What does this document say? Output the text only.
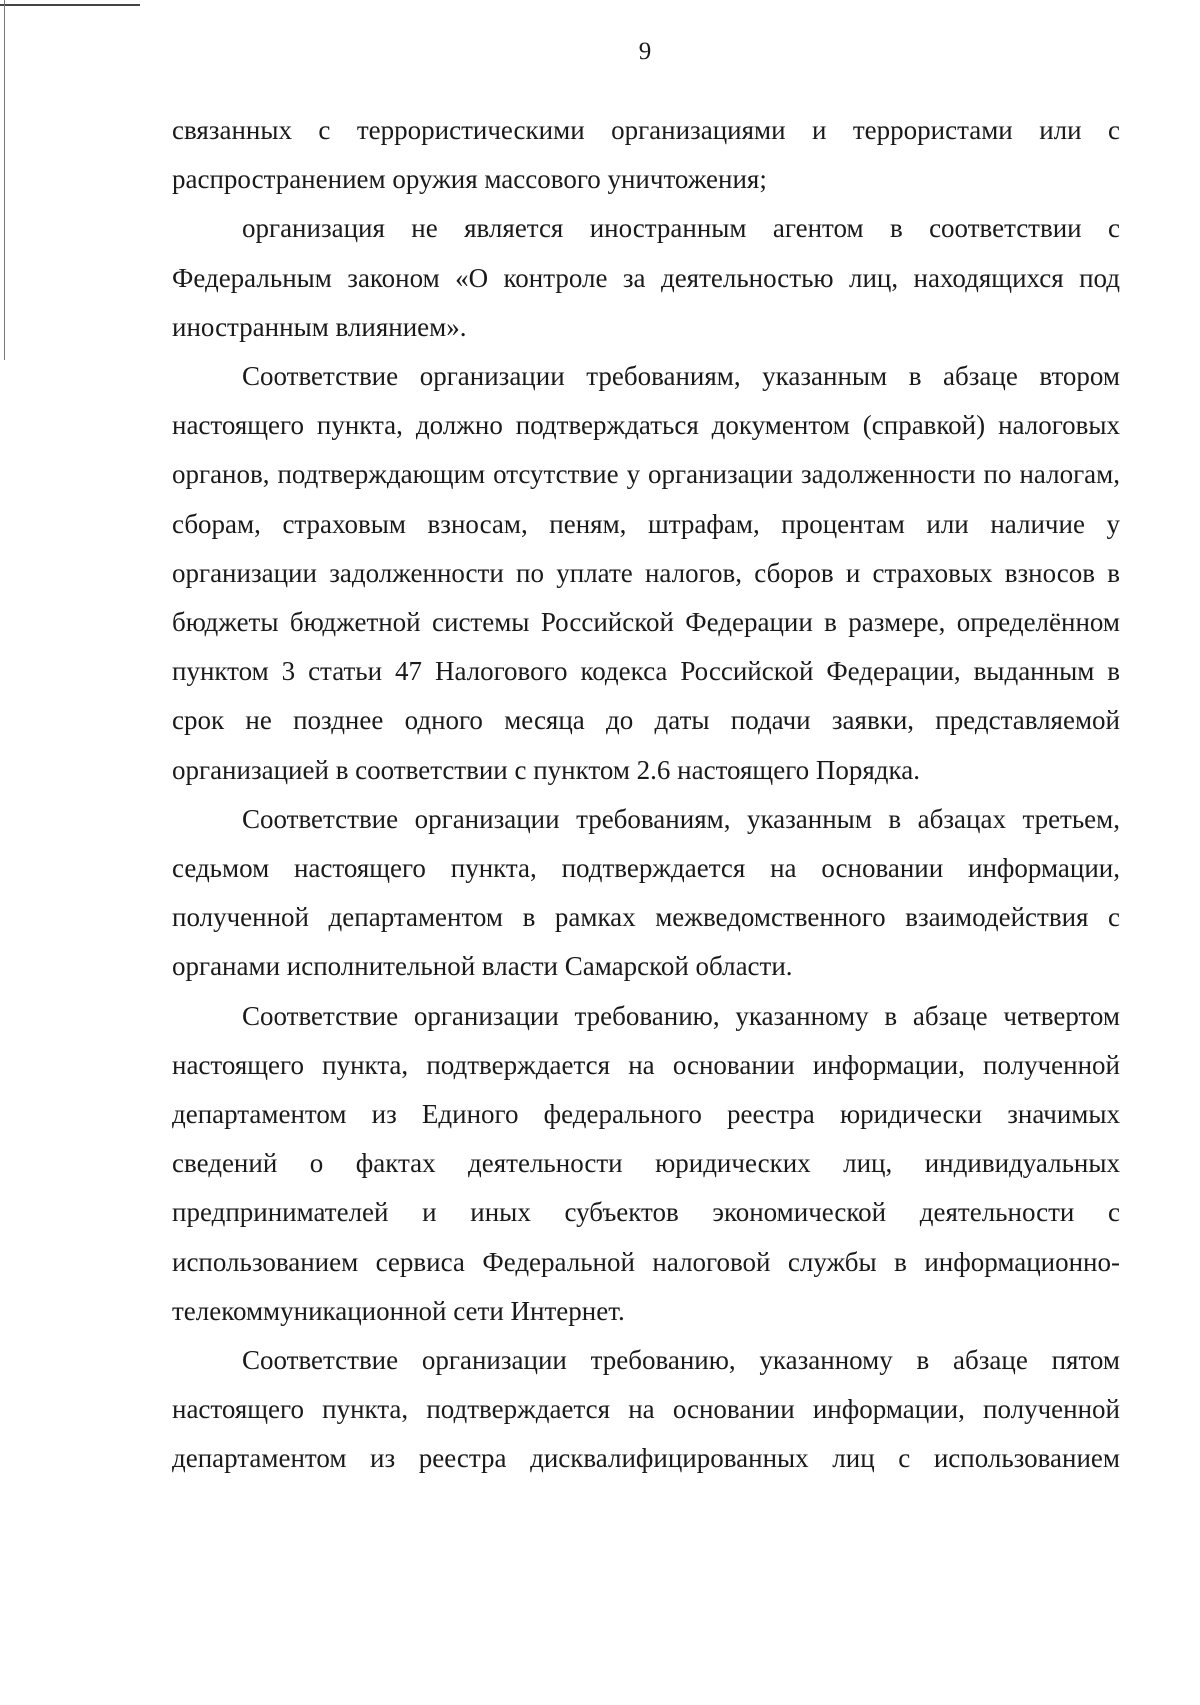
9

связанных с террористическими организациями и террористами или с распространением оружия массового уничтожения;

организация не является иностранным агентом в соответствии с Федеральным законом «О контроле за деятельностью лиц, находящихся под иностранным влиянием».

Соответствие организации требованиям, указанным в абзаце втором настоящего пункта, должно подтверждаться документом (справкой) налоговых органов, подтверждающим отсутствие у организации задолженности по налогам, сборам, страховым взносам, пеням, штрафам, процентам или наличие у организации задолженности по уплате налогов, сборов и страховых взносов в бюджеты бюджетной системы Российской Федерации в размере, определённом пунктом 3 статьи 47 Налогового кодекса Российской Федерации, выданным в срок не позднее одного месяца до даты подачи заявки, представляемой организацией в соответствии с пунктом 2.6 настоящего Порядка.

Соответствие организации требованиям, указанным в абзацах третьем, седьмом настоящего пункта, подтверждается на основании информации, полученной департаментом в рамках межведомственного взаимодействия с органами исполнительной власти Самарской области.

Соответствие организации требованию, указанному в абзаце четвертом настоящего пункта, подтверждается на основании информации, полученной департаментом из Единого федерального реестра юридически значимых сведений о фактах деятельности юридических лиц, индивидуальных предпринимателей и иных субъектов экономической деятельности с использованием сервиса Федеральной налоговой службы в информационно-телекоммуникационной сети Интернет.

Соответствие организации требованию, указанному в абзаце пятом настоящего пункта, подтверждается на основании информации, полученной департаментом из реестра дисквалифицированных лиц с использованием
